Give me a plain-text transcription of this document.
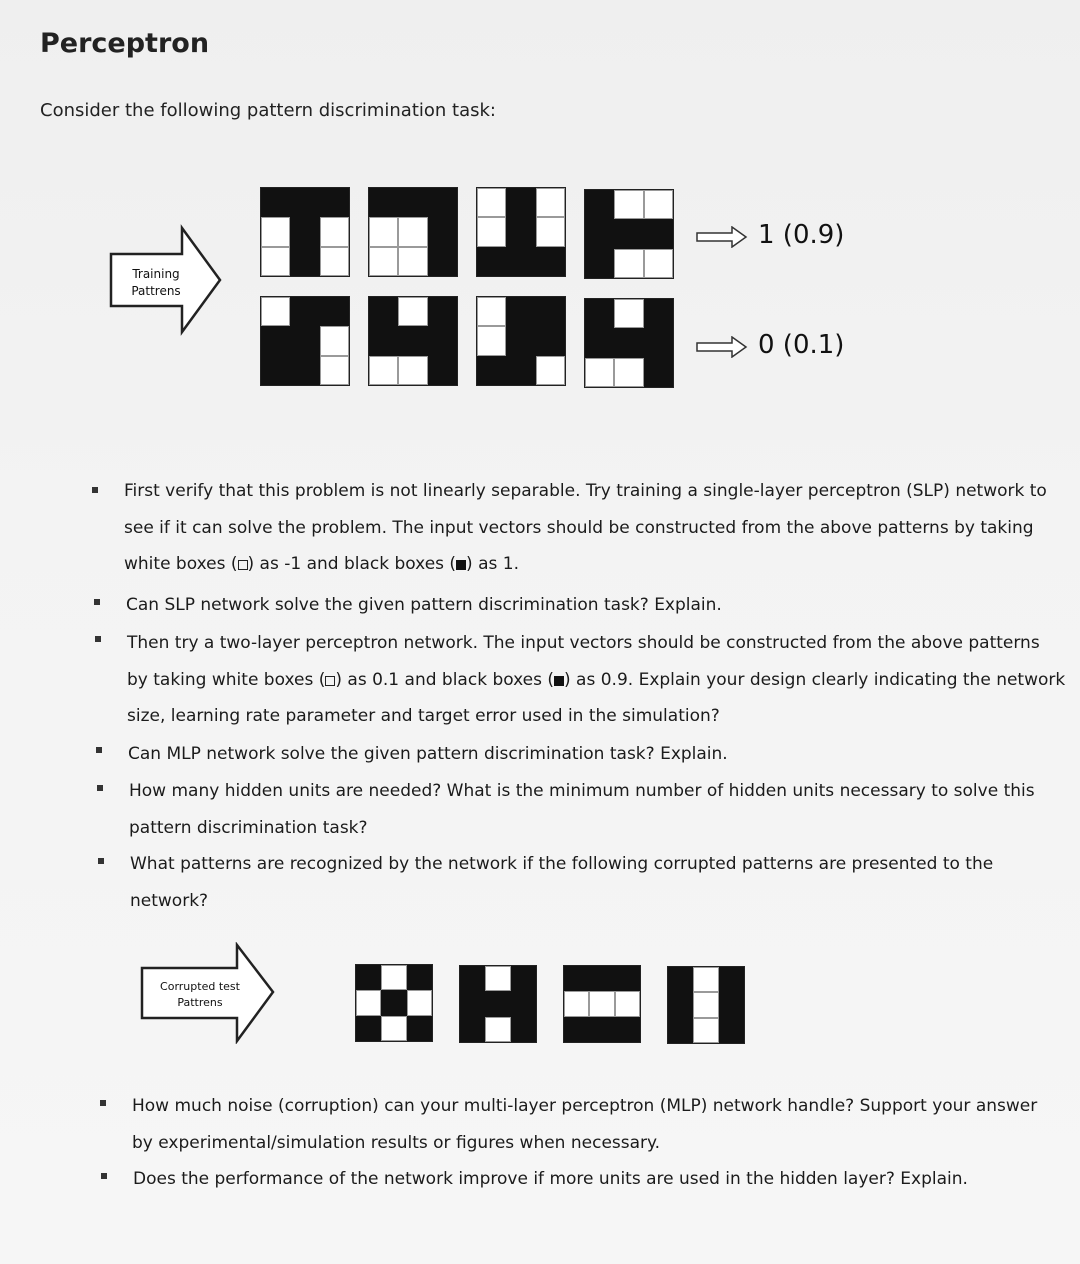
Perceptron
Consider the following pattern discrimination task:
Training
Pattrens
1 (0.9)
0 (0.1)
First verify that this problem is not linearly separable. Try training a single-layer perceptron (SLP) network to
see if it can solve the problem. The input vectors should be constructed from the above patterns by taking
white boxes ( ) as -1 and black boxes ( ) as 1.
Can SLP network solve the given pattern discrimination task? Explain.
Then try a two-layer perceptron network. The input vectors should be constructed from the above patterns
by taking white boxes ( ) as 0.1 and black boxes ( ) as 0.9. Explain your design clearly indicating the network
size, learning rate parameter and target error used in the simulation?
Can MLP network solve the given pattern discrimination task? Explain.
How many hidden units are needed? What is the minimum number of hidden units necessary to solve this
pattern discrimination task?
What patterns are recognized by the network if the following corrupted patterns are presented to the
network?
Corrupted test
Pattrens
How much noise (corruption) can your multi-layer perceptron (MLP) network handle? Support your answer
by experimental/simulation results or figures when necessary.
Does the performance of the network improve if more units are used in the hidden layer? Explain.
